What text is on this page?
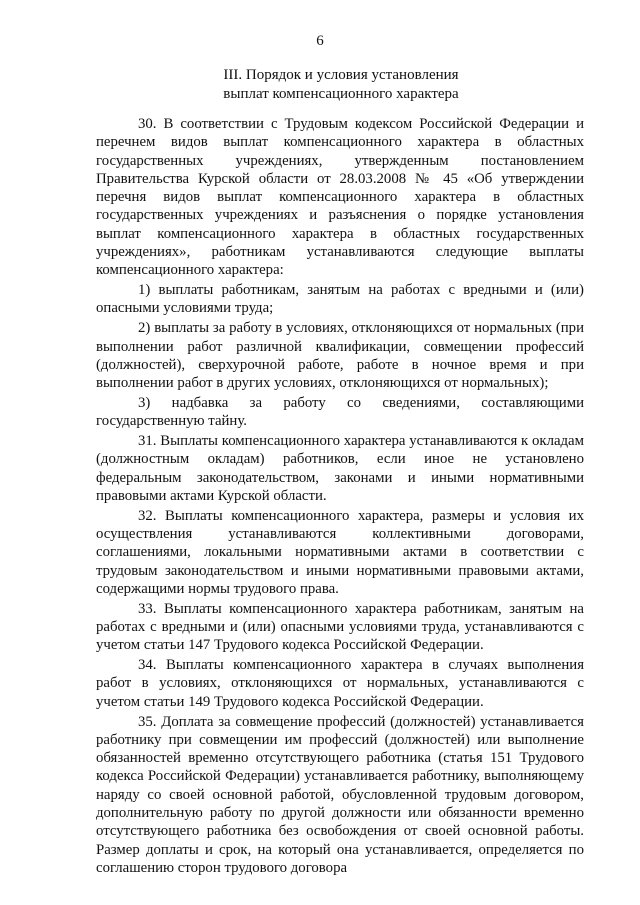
6
III. Порядок и условия установления
выплат компенсационного характера

30. В соответствии с Трудовым кодексом Российской Федерации и перечнем видов выплат компенсационного характера в областных государственных учреждениях, утвержденным постановлением Правительства Курской области от 28.03.2008 № 45 «Об утверждении перечня видов выплат компенсационного характера в областных государственных учреждениях и разъяснения о порядке установления выплат компенсационного характера в областных государственных учреждениях», работникам устанавливаются следующие выплаты компенсационного характера:

1) выплаты работникам, занятым на работах с вредными и (или) опасными условиями труда;

2) выплаты за работу в условиях, отклоняющихся от нормальных (при выполнении работ различной квалификации, совмещении профессий (должностей), сверхурочной работе, работе в ночное время и при выполнении работ в других условиях, отклоняющихся от нормальных);

3) надбавка за работу со сведениями, составляющими государственную тайну.

31. Выплаты компенсационного характера устанавливаются к окладам (должностным окладам) работников, если иное не установлено федеральным законодательством, законами и иными нормативными правовыми актами Курской области.

32. Выплаты компенсационного характера, размеры и условия их осуществления устанавливаются коллективными договорами, соглашениями, локальными нормативными актами в соответствии с трудовым законодательством и иными нормативными правовыми актами, содержащими нормы трудового права.

33. Выплаты компенсационного характера работникам, занятым на работах с вредными и (или) опасными условиями труда, устанавливаются с учетом статьи 147 Трудового кодекса Российской Федерации.

34. Выплаты компенсационного характера в случаях выполнения работ в условиях, отклоняющихся от нормальных, устанавливаются с учетом статьи 149 Трудового кодекса Российской Федерации.

35. Доплата за совмещение профессий (должностей) устанавливается работнику при совмещении им профессий (должностей) или выполнение обязанностей временно отсутствующего работника (статья 151 Трудового кодекса Российской Федерации) устанавливается работнику, выполняющему наряду со своей основной работой, обусловленной трудовым договором, дополнительную работу по другой должности или обязанности временно отсутствующего работника без освобождения от своей основной работы. Размер доплаты и срок, на который она устанавливается, определяется по соглашению сторон трудового договора
